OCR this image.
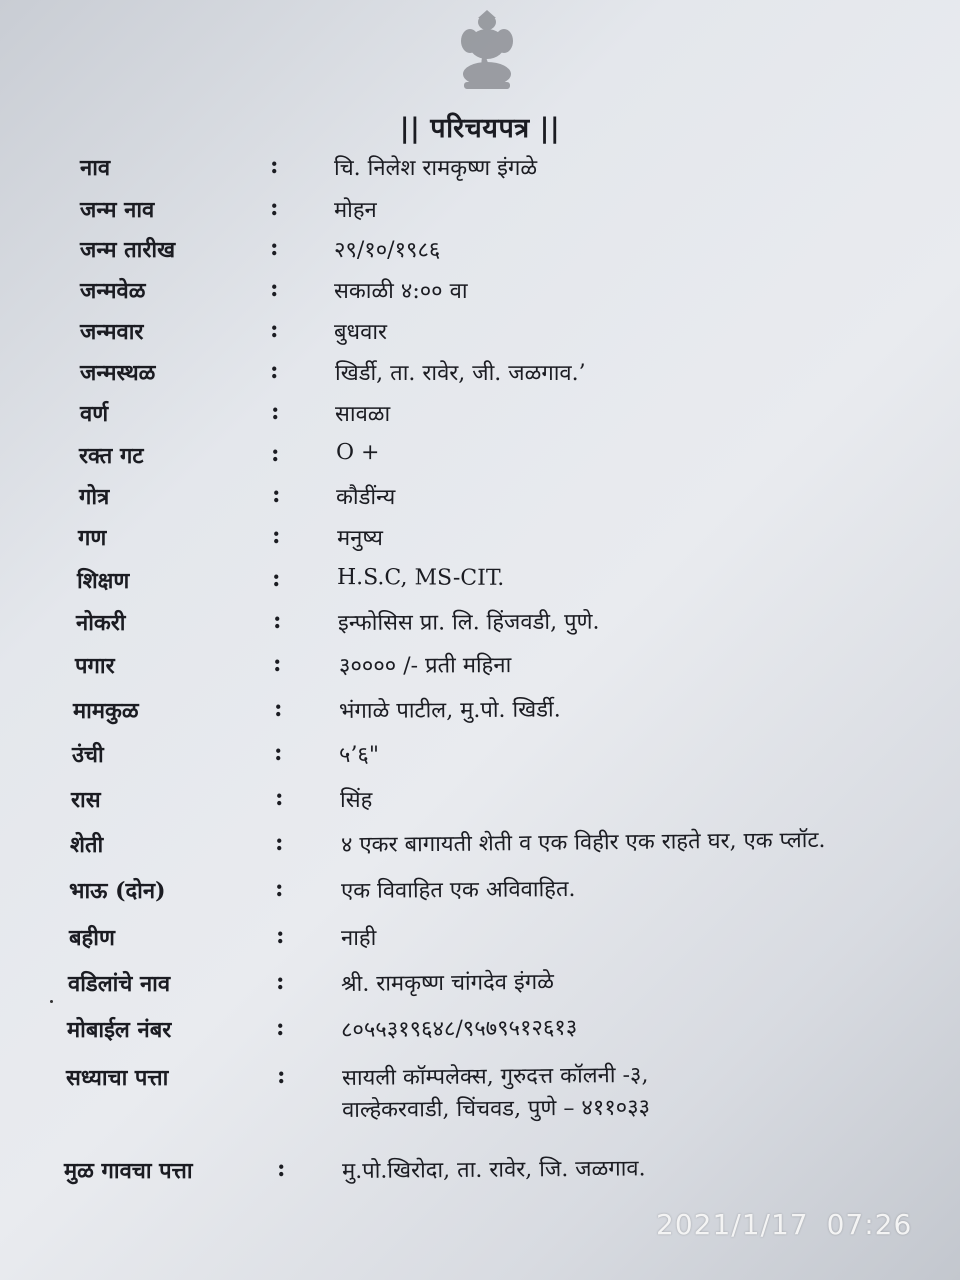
|| परिचयपत्र ||
नाव	:	चि. निलेश रामकृष्ण इंगळे
जन्म नाव	:	मोहन
जन्म तारीख	:	२९/१०/१९८६
जन्मवेळ	:	सकाळी ४:०० वा
जन्मवार	:	बुधवार
जन्मस्थळ	:	खिर्डी, ता. रावेर, जी. जळगाव.’
वर्ण	:	सावळा
रक्त गट	:	O +
गोत्र	:	कौडींन्य
गण	:	मनुष्य
शिक्षण	:	H.S.C, MS-CIT.
नोकरी	:	इन्फोसिस प्रा. लि. हिंजवडी, पुणे.
पगार	:	३०००० /- प्रती महिना
मामकुळ	:	भंगाळे पाटील, मु.पो. खिर्डी.
उंची	:	५’६"
रास	:	सिंह
शेती	:	४ एकर बागायती शेती व एक विहीर एक राहते घर, एक प्लॉट.
भाऊ (दोन)	:	एक विवाहित एक अविवाहित.
बहीण	:	नाही
वडिलांचे नाव	:	श्री. रामकृष्ण चांगदेव इंगळे
मोबाईल नंबर	:	८०५५३१९६४८/९५७९५१२६१३
सध्याचा पत्ता	:	सायली कॉम्पलेक्स, गुरुदत्त कॉलनी -३,
वाल्हेकरवाडी, चिंचवड, पुणे – ४११०३३
मुळ गावचा पत्ता	:	मु.पो.खिरोदा, ता. रावेर, जि. जळगाव.
2021/1/17 07:26
